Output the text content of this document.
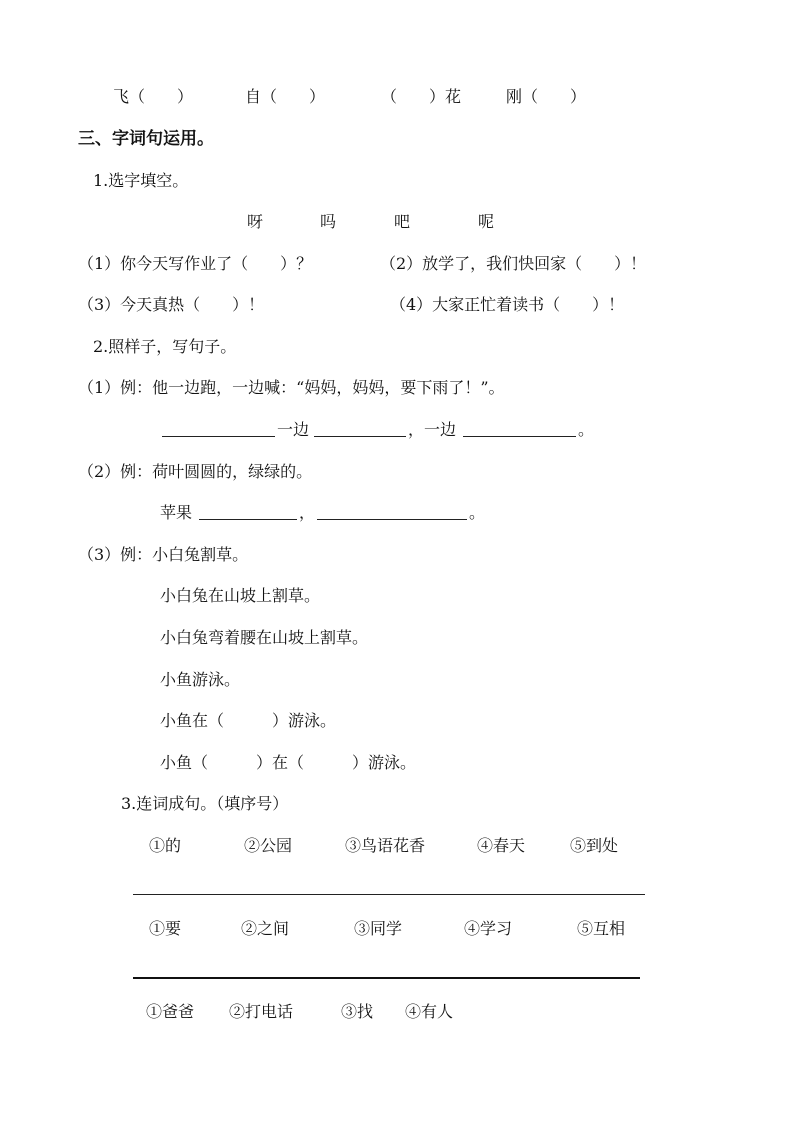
飞（　　）	自（　　）	（　　）花	刚（　　）
三、字词句运用。
1.选字填空。
呀	吗	吧	呢
（1）你今天写作业了（　　）？	（2）放学了，我们快回家（　　）！
（3）今天真热（　　）！	（4）大家正忙着读书（　　）！
2.照样子，写句子。
（1）例：他一边跑，一边喊：“妈妈，妈妈，要下雨了！”。
一边	，一边	。
（2）例：荷叶圆圆的，绿绿的。
苹果	，	。
（3）例：小白兔割草。
小白兔在山坡上割草。
小白兔弯着腰在山坡上割草。
小鱼游泳。
小鱼在（　　　）游泳。
小鱼（　　　）在（　　　）游泳。
3.连词成句。（填序号）
①的	②公园	③鸟语花香	④春天	⑤到处
①要	②之间	③同学	④学习	⑤互相
①爸爸 ②打电话	③找 ④有人
